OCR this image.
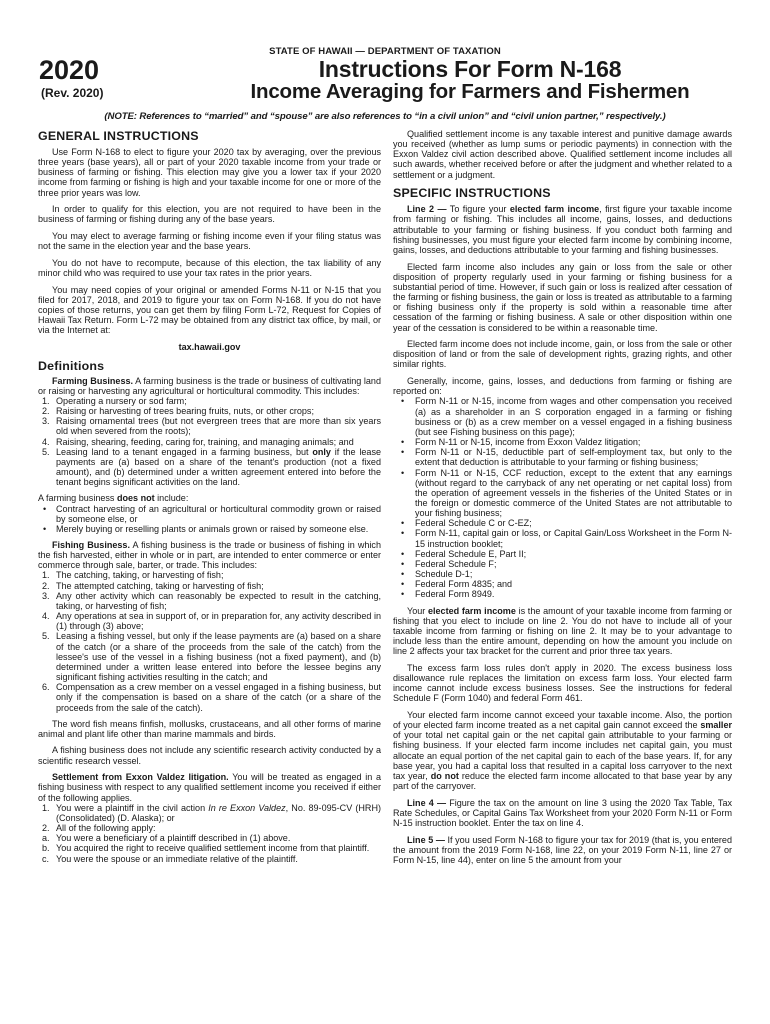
STATE OF HAWAII — DEPARTMENT OF TAXATION
2020
(Rev. 2020)
Instructions For Form N-168
Income Averaging for Farmers and Fishermen
(NOTE: References to “married” and “spouse” are also references to “in a civil union” and “civil union partner,” respectively.)
GENERAL INSTRUCTIONS

Use Form N-168 to elect to figure your 2020 tax by averaging, over the previous three years (base years), all or part of your 2020 taxable income from your trade or business of farming or fishing. This election may give you a lower tax if your 2020 income from farming or fishing is high and your taxable income for one or more of the three prior years was low.

In order to qualify for this election, you are not required to have been in the business of farming or fishing during any of the base years.

You may elect to average farming or fishing income even if your filing status was not the same in the election year and the base years.

You do not have to recompute, because of this election, the tax liability of any minor child who was required to use your tax rates in the prior years.

You may need copies of your original or amended Forms N-11 or N-15 that you filed for 2017, 2018, and 2019 to figure your tax on Form N-168. If you do not have copies of those returns, you can get them by filing Form L-72, Request for Copies of Hawaii Tax Return. Form L-72 may be obtained from any district tax office, by mail, or via the Internet at:

tax.hawaii.gov

Definitions

Farming Business. A farming business is the trade or business of cultivating land or raising or harvesting any agricultural or horticultural commodity. This includes:

1. Operating a nursery or sod farm;
2. Raising or harvesting of trees bearing fruits, nuts, or other crops;
3. Raising ornamental trees (but not evergreen trees that are more than six years old when severed from the roots);
4. Raising, shearing, feeding, caring for, training, and managing animals; and
5. Leasing land to a tenant engaged in a farming business, but only if the lease payments are (a) based on a share of the tenant's production (not a fixed amount), and (b) determined under a written agreement entered into before the tenant begins significant activities on the land.

A farming business does not include:

• Contract harvesting of an agricultural or horticultural commodity grown or raised by someone else, or
• Merely buying or reselling plants or animals grown or raised by someone else.

Fishing Business. A fishing business is the trade or business of fishing in which the fish harvested, either in whole or in part, are intended to enter commerce or enter commerce through sale, barter, or trade. This includes:

1. The catching, taking, or harvesting of fish;
2. The attempted catching, taking or harvesting of fish;
3. Any other activity which can reasonably be expected to result in the catching, taking, or harvesting of fish;
4. Any operations at sea in support of, or in preparation for, any activity described in (1) through (3) above;
5. Leasing a fishing vessel, but only if the lease payments are (a) based on a share of the catch (or a share of the proceeds from the sale of the catch) from the lessee's use of the vessel in a fishing business (not a fixed payment), and (b) determined under a written lease entered into before the lessee begins any significant fishing activities resulting in the catch; and
6. Compensation as a crew member on a vessel engaged in a fishing business, but only if the compensation is based on a share of the catch (or a share of the proceeds from the sale of the catch).

The word fish means finfish, mollusks, crustaceans, and all other forms of marine animal and plant life other than marine mammals and birds.

A fishing business does not include any scientific research activity conducted by a scientific research vessel.

Settlement from Exxon Valdez litigation. You will be treated as engaged in a fishing business with respect to any qualified settlement income you received if either of the following applies.

1. You were a plaintiff in the civil action In re Exxon Valdez, No. 89-095-CV (HRH) (Consolidated) (D. Alaska); or
2. All of the following apply:
a. You were a beneficiary of a plaintiff described in (1) above.
b. You acquired the right to receive qualified settlement income from that plaintiff.
c. You were the spouse or an immediate relative of the plaintiff.

Qualified settlement income is any taxable interest and punitive damage awards you received (whether as lump sums or periodic payments) in connection with the Exxon Valdez civil action described above. Qualified settlement income includes all such awards, whether received before or after the judgment and whether related to a settlement or a judgment.

SPECIFIC INSTRUCTIONS

Line 2 — To figure your elected farm income, first figure your taxable income from farming or fishing. This includes all income, gains, losses, and deductions attributable to your farming or fishing business. If you conduct both farming and fishing businesses, you must figure your elected farm income by combining income, gains, losses, and deductions attributable to your farming and fishing businesses.

Elected farm income also includes any gain or loss from the sale or other disposition of property regularly used in your farming or fishing business for a substantial period of time. However, if such gain or loss is realized after cessation of the farming or fishing business, the gain or loss is treated as attributable to a farming or fishing business only if the property is sold within a reasonable time after cessation of the farming or fishing business. A sale or other disposition within one year of the cessation is considered to be within a reasonable time.

Elected farm income does not include income, gain, or loss from the sale or other disposition of land or from the sale of development rights, grazing rights, and other similar rights.

Generally, income, gains, losses, and deductions from farming or fishing are reported on:

• Form N-11 or N-15, income from wages and other compensation you received (a) as a shareholder in an S corporation engaged in a farming or fishing business or (b) as a crew member on a vessel engaged in a fishing business (but see Fishing business on this page);
• Form N-11 or N-15, income from Exxon Valdez litigation;
• Form N-11 or N-15, deductible part of self-employment tax, but only to the extent that deduction is attributable to your farming or fishing business;
• Form N-11 or N-15, CCF reduction, except to the extent that any earnings (without regard to the carryback of any net operating or net capital loss) from the operation of agreement vessels in the fisheries of the United States or in the foreign or domestic commerce of the United States are not attributable to your fishing business;
• Federal Schedule C or C-EZ;
• Form N-11, capital gain or loss, or Capital Gain/Loss Worksheet in the Form N-15 instruction booklet;
• Federal Schedule E, Part II;
• Federal Schedule F;
• Schedule D-1;
• Federal Form 4835; and
• Federal Form 8949.

Your elected farm income is the amount of your taxable income from farming or fishing that you elect to include on line 2. You do not have to include all of your taxable income from farming or fishing on line 2. It may be to your advantage to include less than the entire amount, depending on how the amount you include on line 2 affects your tax bracket for the current and prior three tax years.

The excess farm loss rules don't apply in 2020. The excess business loss disallowance rule replaces the limitation on excess farm loss. Your elected farm income cannot include excess business losses. See the instructions for federal Schedule F (Form 1040) and federal Form 461.

Your elected farm income cannot exceed your taxable income. Also, the portion of your elected farm income treated as a net capital gain cannot exceed the smaller of your total net capital gain or the net capital gain attributable to your farming or fishing business. If your elected farm income includes net capital gain, you must allocate an equal portion of the net capital gain to each of the base years. If, for any base year, you had a capital loss that resulted in a capital loss carryover to the next tax year, do not reduce the elected farm income allocated to that base year by any part of the carryover.

Line 4 — Figure the tax on the amount on line 3 using the 2020 Tax Table, Tax Rate Schedules, or Capital Gains Tax Worksheet from your 2020 Form N-11 or Form N-15 instruction booklet. Enter the tax on line 4.

Line 5 — If you used Form N-168 to figure your tax for 2019 (that is, you entered the amount from the 2019 Form N-168, line 22, on your 2019 Form N-11, line 27 or Form N-15, line 44), enter on line 5 the amount from your
